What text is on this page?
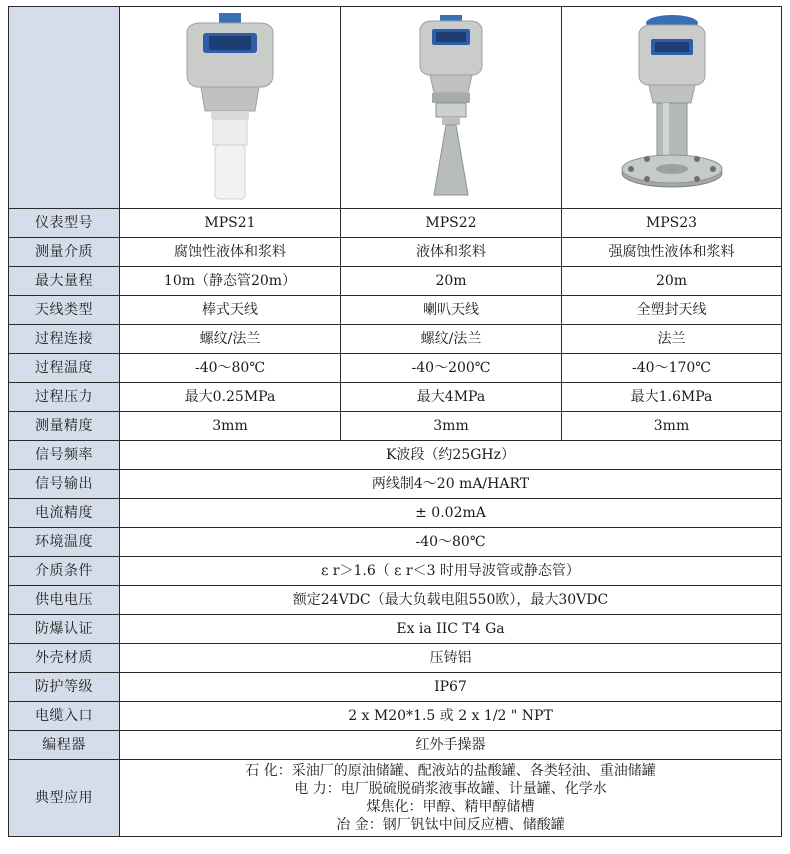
仪表型号	MPS21	MPS22	MPS23
测量介质	腐蚀性液体和浆料	液体和浆料	强腐蚀性液体和浆料
最大量程	10m（静态管20m）	20m	20m
天线类型	棒式天线	喇叭天线	全塑封天线
过程连接	螺纹/法兰	螺纹/法兰	法兰
过程温度	-40～80℃	-40～200℃	-40～170℃
过程压力	最大0.25MPa	最大4MPa	最大1.6MPa
测量精度	3mm	3mm	3mm
信号频率	K波段（约25GHz）		
信号输出	两线制4～20 mA/HART		
电流精度	± 0.02mA		
环境温度	-40～80℃		
介质条件	ε r＞1.6（ ε r＜3 时用导波管或静态管）		
供电电压	额定24VDC（最大负载电阻550欧），最大30VDC		
防爆认证	Ex ia IIC T4 Ga		
外壳材质	压铸铝		
防护等级	IP67		
电缆入口	2 x M20*1.5 或 2 x 1/2 " NPT		
编程器	红外手操器		
典型应用	石 化：采油厂的原油储罐、配液站的盐酸罐、各类轻油、重油储罐
电 力：电厂脱硫脱硝浆液事故罐、计量罐、化学水
煤焦化：甲醇、精甲醇储槽
冶 金：钢厂钒钛中间反应槽、储酸罐		
